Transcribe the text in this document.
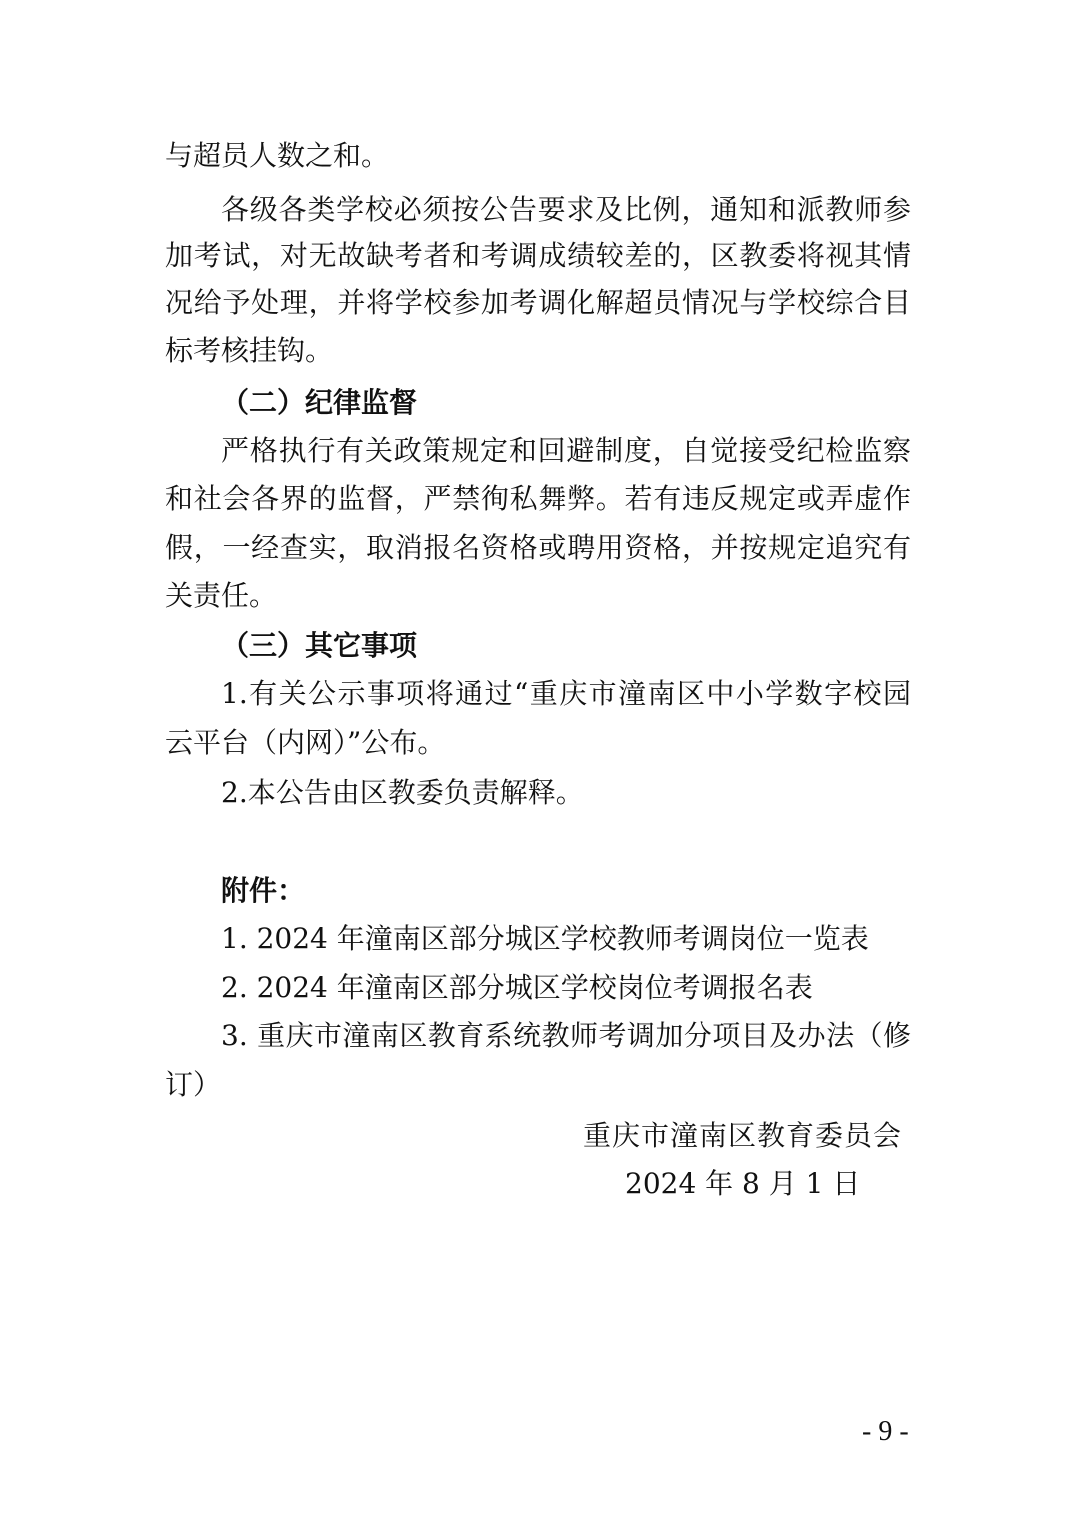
与超员人数之和。
各级各类学校必须按公告要求及比例，通知和派教师参
加考试，对无故缺考者和考调成绩较差的，区教委将视其情
况给予处理，并将学校参加考调化解超员情况与学校综合目
标考核挂钩。
（二）纪律监督
严格执行有关政策规定和回避制度，自觉接受纪检监察
和社会各界的监督，严禁徇私舞弊。若有违反规定或弄虚作
假，一经查实，取消报名资格或聘用资格，并按规定追究有
关责任。
（三）其它事项
1.有关公示事项将通过“重庆市潼南区中小学数字校园
云平台（内网）”公布。
2.本公告由区教委负责解释。
附件：
1. 2024 年潼南区部分城区学校教师考调岗位一览表
2. 2024 年潼南区部分城区学校岗位考调报名表
3. 重庆市潼南区教育系统教师考调加分项目及办法（修
订）
重庆市潼南区教育委员会
2024 年 8 月 1 日
- 9 -
